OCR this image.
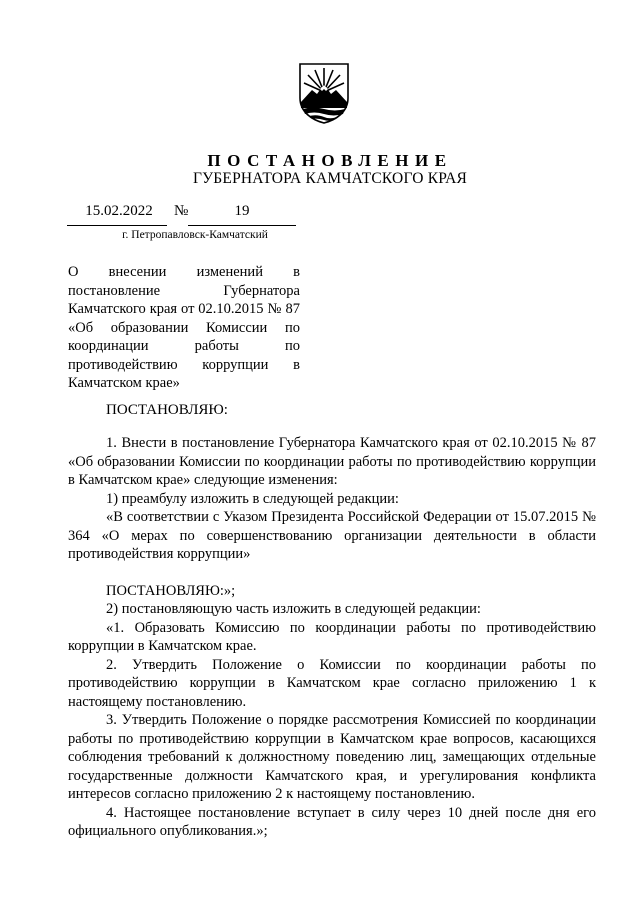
ПОСТАНОВЛЕНИЕ
ГУБЕРНАТОРА КАМЧАТСКОГО КРАЯ
15.02.2022	№	19
г. Петропавловск-Камчатский

О внесении изменений в постановление Губернатора Камчатского края от 02.10.2015 № 87 «Об образовании Комиссии по координации работы по противодействию коррупции в Камчатском крае»

ПОСТАНОВЛЯЮ:

1. Внести в постановление Губернатора Камчатского края от 02.10.2015 № 87 «Об образовании Комиссии по координации работы по противодействию коррупции в Камчатском крае» следующие изменения:

1) преамбулу изложить в следующей редакции:

«В соответствии с Указом Президента Российской Федерации от 15.07.2015 № 364 «О мерах по совершенствованию организации деятельности в области противодействия коррупции»

ПОСТАНОВЛЯЮ:»;

2) постановляющую часть изложить в следующей редакции:

«1. Образовать Комиссию по координации работы по противодействию коррупции в Камчатском крае.

2. Утвердить Положение о Комиссии по координации работы по противодействию коррупции в Камчатском крае согласно приложению 1 к настоящему постановлению.

3. Утвердить Положение о порядке рассмотрения Комиссией по координации работы по противодействию коррупции в Камчатском крае вопросов, касающихся соблюдения требований к должностному поведению лиц, замещающих отдельные государственные должности Камчатского края, и урегулирования конфликта интересов согласно приложению 2 к настоящему постановлению.

4. Настоящее постановление вступает в силу через 10 дней после дня его официального опубликования.»;
